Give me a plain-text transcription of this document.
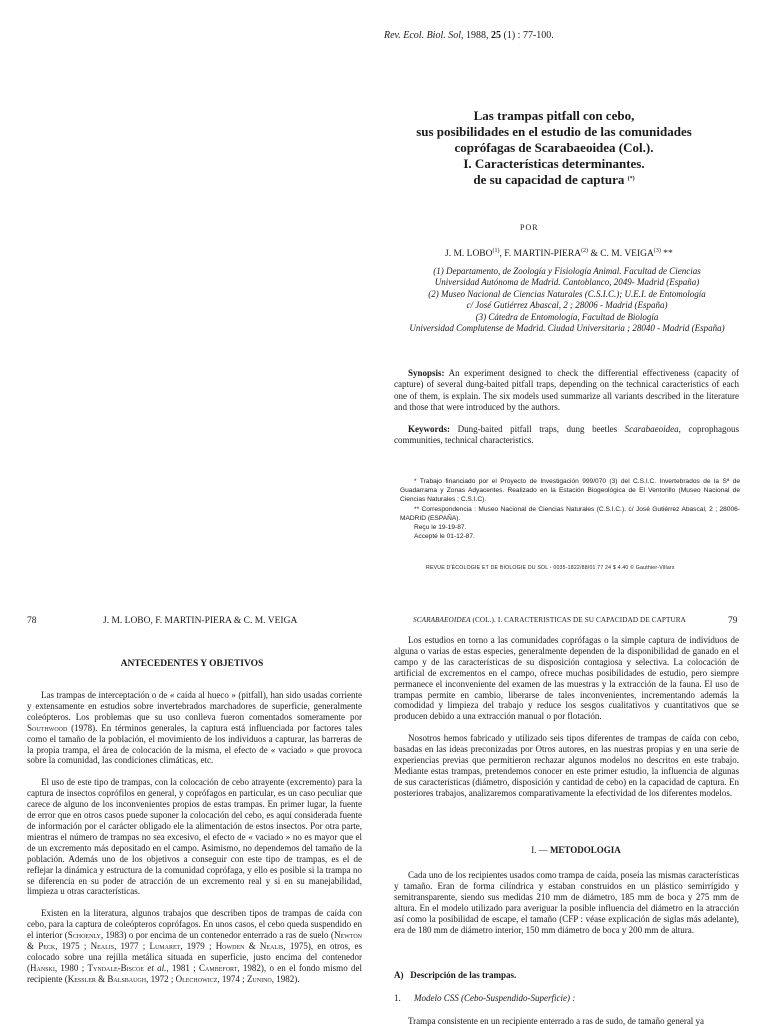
Rev. Ecol. Biol. Sol, 1988, 25 (1) : 77-100.
Las trampas pitfall con cebo,
sus posibilidades en el estudio de las comunidades
coprófagas de Scarabaeoidea (Col.).
I. Características determinantes.
de su capacidad de captura (*)
POR
J. M. LOBO$^{(1)}$, F. MARTIN-PIERA$^{(2)}$ & C. M. VEIGA$^{(3)}$ **
(1) Departamento, de Zoología y Fisiología Animal. Facultad de Ciencias
Universidad Autónoma de Madrid. Cantoblanco, 2049- Madrid (España)
(2) Museo Nacional de Ciencias Naturales (C.S.I.C.); U.E.I. de Entomología
c/ José Gutiérrez Abascal, 2 ; 28006 - Madrid (España)
(3) Cátedra de Entomología, Facultad de Biología
Universidad Complutense de Madrid. Ciudad Universitaria ; 28040 - Madrid (España)
Synopsis: An experiment designed to check the differential effectiveness (capacity of capture) of several dung-baited pitfall traps, depending on the technical caracteristics of each one of them, is explain. The six models used summarize all variants described in the literature and those that were introduced by the authors.
Keywords: Dung-baited pitfall traps, dung beetles Scarabaeoidea, coprophagous communities, technical characteristics.

* Trabajo financiado por el Proyecto de Investigación 999/070 (3) del C.S.I.C. Invertebrados de la Sª de Guadarrama y Zonas Adyacentes. Realizado en la Estación Biogeológica de El Ventorillo (Museo Nacional de Ciencias Naturales ; C.S.I.C).

** Correspondencia : Museo Nacional de Ciencias Naturales (C.S.I.C.). c/ José Gutiérrez Abascal, 2 ; 28006-MADRID (ESPAÑA).

Reçu le 19-19-87.

Accepté le 01-12-87.

REVUE D'ÉCOLOGIE ET DE BIOLOGIE DU SOL - 0035-1822/88/01 77 24 $ 4.40 © Gauthier-Villars
78	J. M. LOBO, F. MARTIN-PIERA & C. M. VEIGA
ANTECEDENTES Y OBJETIVOS

Las trampas de interceptación o de « caída al hueco » (pitfall), han sido usadas corriente y extensamente en estudios sobre invertebrados marchadores de superficie, generalmente coleópteros. Los problemas que su uso conlleva fueron comentados someramente por Southwood (1978). En términos generales, la captura está influenciada por factores tales como el tamaño de la población, el movimiento de los individuos a capturar, las barreras de la propia trampa, el área de colocación de la misma, el efecto de « vaciado » que provoca sobre la comunidad, las condiciones climáticas, etc.

El uso de este tipo de trampas, con la colocación de cebo atrayente (excremento) para la captura de insectos coprófilos en general, y coprófagos en particular, es un caso peculiar que carece de alguno de los inconvenientes propios de estas trampas. En primer lugar, la fuente de error que en otros casos puede suponer la colocación del cebo, es aquí considerada fuente de información por el carácter obligado ele la alimentación de estos insectos. Por otra parte, mientras el número de trampas no sea excesivo, el efecto de « vaciado » no es mayor que el de un excremento más depositado en el campo. Asimismo, no dependemos del tamaño de la población. Además uno de los objetivos a conseguir con este tipo de trampas, es el de reflejar la dinámica y estructura de la comunidad coprófaga, y ello es posible si la trampa no se diferencia en su poder de atracción de un excremento real y si en su manejabilidad, limpieza u otras características.

Existen en la literatura, algunos trabajos que describen tipos de trampas de caída con cebo, para la captura de coleópteros coprófagos. En unos casos, el cebo queda suspendido en el interior (Schoenly, 1983) o por encima de un contenedor enterrado a ras de suelo (Newton & Peck, 1975 ; Nealis, 1977 ; Lumaret, 1979 ; Howden & Nealis, 1975), en otros, es colocado sobre una rejilla metálica situada en superficie, justo encima del contenedor (Hanski, 1980 ; Tyndale-Biscoe et al., 1981 ; Cambefort, 1982), o en el fondo mismo del recipiente (Kessler & Balsbaugh, 1972 ; Olechowicz, 1974 ; Zunino, 1982).

SCARABAEOIDEA (COL.). I. CARACTERISTICAS DE SU CAPACIDAD DE CAPTURA	79

Los estudios en torno a las comunidades coprófagas o la simple captura de individuos de alguna o varias de estas especies, generalmente dependen de la disponibilidad de ganado en el campo y de las características de su disposición contagiosa y selectiva. La colocación de artificial de excrementos en el campo, ofrece muchas posibilidades de estudio, pero siempre permanece el inconveniente del examen de las muestras y la extracción de la fauna. El uso de trampas permite en cambio, liberarse de tales inconvenientes, incrementando además la comodidad y limpieza del trabajo y reduce los sesgos cualitativos y cuantitativos que se producen debido a una extracción manual o por flotación.

Nosotros hemos fabricado y utilizado seis tipos diferentes de trampas de caída con cebo, basadas en las ideas preconizadas por Otros autores, en las nuestras propias y en una serie de experiencias previas que permitieron rechazar algunos modelos no descritos en este trabajo. Mediante estas trampas, pretendemos conocer en este primer estudio, la influencia de algunas de sus características (diámetro, disposición y cantidad de cebo) en la capacidad de captura. En posteriores trabajos, analizaremos comparativamente la efectividad de los diferentes modelos.

I. — METODOLOGIA

Cada uno de los recipientes usados como trampa de caída, poseía las mismas características y tamaño. Eran de forma cilíndrica y estaban construidos en un plástico semirrígido y semitransparente, siendo sus medidas 210 mm de diámetro, 185 mm de boca y 275 mm de altura. En el modelo utilizado para averiguar la posible influencia del diámetro en la atracción así como la posibilidad de escape, el tamaño (CFP : véase explicación de siglas más adelante), era de 180 mm de diámetro interior, 150 mm diámetro de boca y 200 mm de altura.

A)   Descripción de las trampas.
1. Modelo CSS (Cebo-Suspendido-Superficie) :
Trampa consistente en un recipiente enterrado a ras de sudo, de tamaño general ya
